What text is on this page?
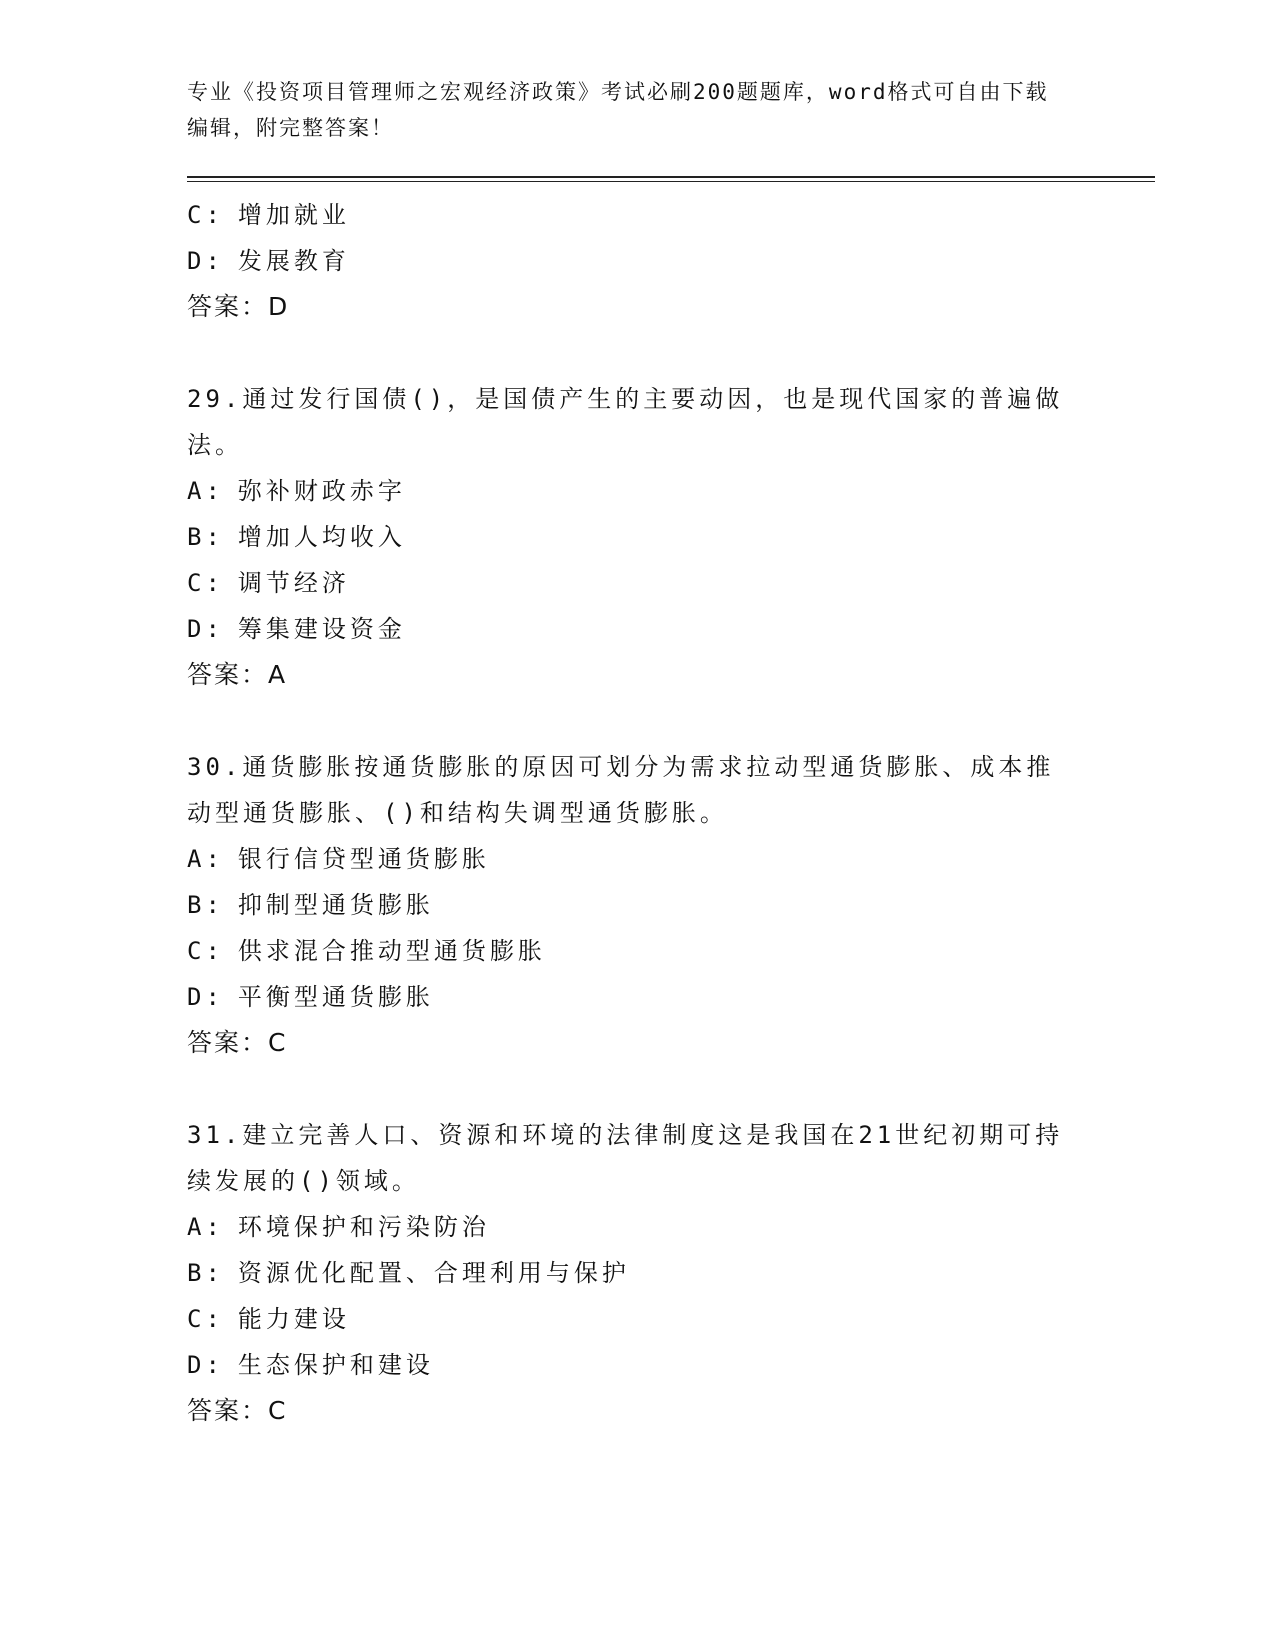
专业《投资项目管理师之宏观经济政策》考试必刷200题题库，word格式可自由下载编辑，附完整答案！
C: 增加就业
D: 发展教育
答案：D
29.通过发行国债()，是国债产生的主要动因，也是现代国家的普遍做法。
A: 弥补财政赤字
B: 增加人均收入
C: 调节经济
D: 筹集建设资金
答案：A
30.通货膨胀按通货膨胀的原因可划分为需求拉动型通货膨胀、成本推动型通货膨胀、()和结构失调型通货膨胀。
A: 银行信贷型通货膨胀
B: 抑制型通货膨胀
C: 供求混合推动型通货膨胀
D: 平衡型通货膨胀
答案：C
31.建立完善人口、资源和环境的法律制度这是我国在21世纪初期可持续发展的()领域。
A: 环境保护和污染防治
B: 资源优化配置、合理利用与保护
C: 能力建设
D: 生态保护和建设
答案：C
